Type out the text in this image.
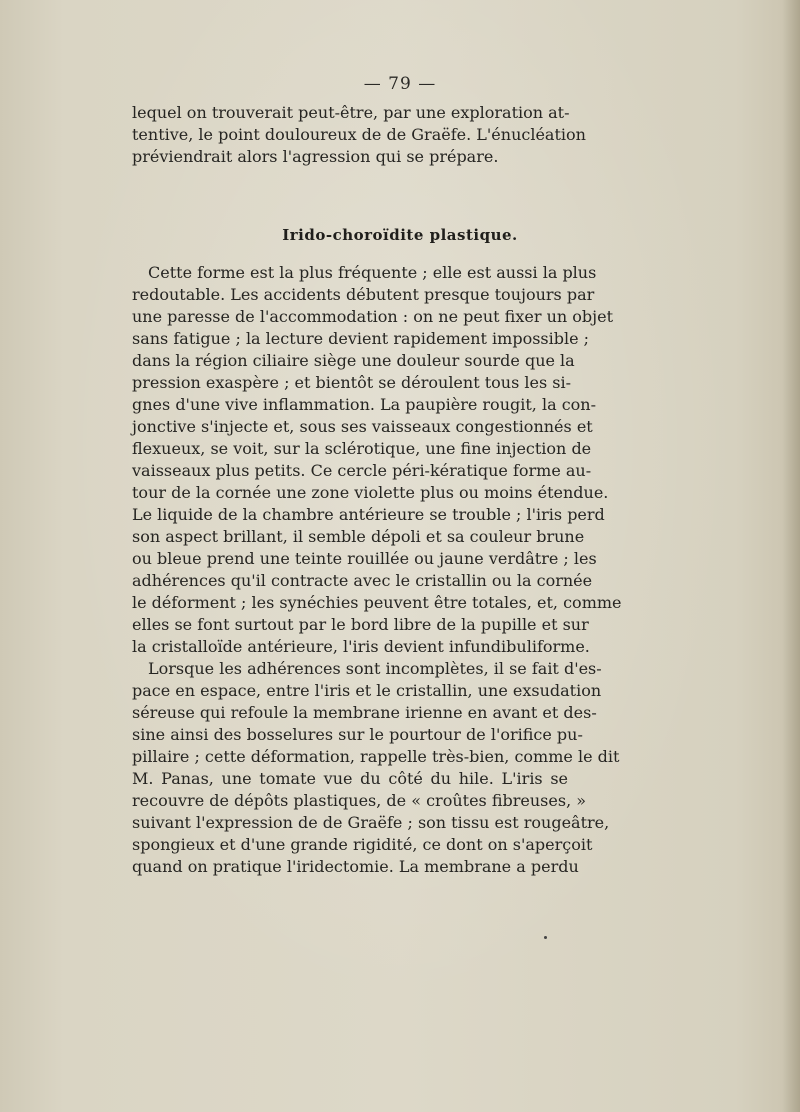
— 79 —
lequel on trouverait peut-être, par une exploration at-
tentive, le point douloureux de de Graëfe. L'énucléation
préviendrait alors l'agression qui se prépare.
Irido-choroïdite plastique.
Cette forme est la plus fréquente ; elle est aussi la plus
redoutable. Les accidents débutent presque toujours par
une paresse de l'accommodation : on ne peut fixer un objet
sans fatigue ; la lecture devient rapidement impossible ;
dans la région ciliaire siège une douleur sourde que la
pression exaspère ; et bientôt se déroulent tous les si-
gnes d'une vive inflammation. La paupière rougit, la con-
jonctive s'injecte et, sous ses vaisseaux congestionnés et
flexueux, se voit, sur la sclérotique, une fine injection de
vaisseaux plus petits. Ce cercle péri-kératique forme au-
tour de la cornée une zone violette plus ou moins étendue.
Le liquide de la chambre antérieure se trouble ; l'iris perd
son aspect brillant, il semble dépoli et sa couleur brune
ou bleue prend une teinte rouillée ou jaune verdâtre ; les
adhérences qu'il contracte avec le cristallin ou la cornée
le déforment ; les synéchies peuvent être totales, et, comme
elles se font surtout par le bord libre de la pupille et sur
la cristalloïde antérieure, l'iris devient infundibuliforme.
Lorsque les adhérences sont incomplètes, il se fait d'es-
pace en espace, entre l'iris et le cristallin, une exsudation
séreuse qui refoule la membrane irienne en avant et des-
sine ainsi des bosselures sur le pourtour de l'orifice pu-
pillaire ; cette déformation, rappelle très-bien, comme le dit
M. Panas, une tomate vue du côté du hile. L'iris se
recouvre de dépôts plastiques, de « croûtes fibreuses, »
suivant l'expression de de Graëfe ; son tissu est rougeâtre,
spongieux et d'une grande rigidité, ce dont on s'aperçoit
quand on pratique l'iridectomie. La membrane a perdu
